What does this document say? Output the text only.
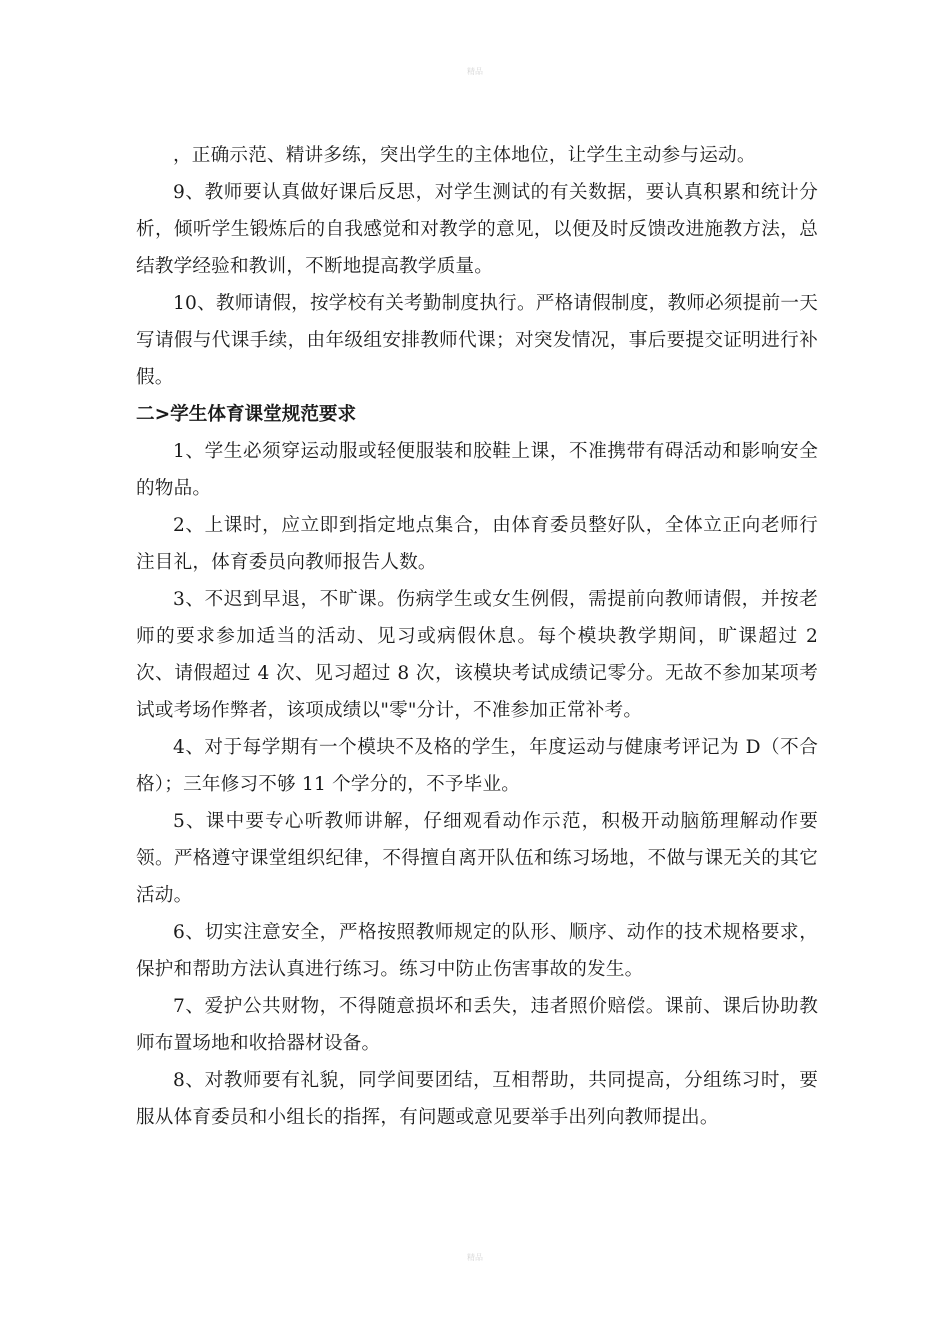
精品

，正确示范、精讲多练，突出学生的主体地位，让学生主动参与运动。

9、教师要认真做好课后反思，对学生测试的有关数据，要认真积累和统计分析，倾听学生锻炼后的自我感觉和对教学的意见，以便及时反馈改进施教方法，总结教学经验和教训，不断地提高教学质量。

10、教师请假，按学校有关考勤制度执行。严格请假制度，教师必须提前一天写请假与代课手续，由年级组安排教师代课；对突发情况，事后要提交证明进行补假。

二>学生体育课堂规范要求

1、学生必须穿运动服或轻便服装和胶鞋上课，不准携带有碍活动和影响安全的物品。

2、上课时，应立即到指定地点集合，由体育委员整好队，全体立正向老师行注目礼，体育委员向教师报告人数。

3、不迟到早退，不旷课。伤病学生或女生例假，需提前向教师请假，并按老师的要求参加适当的活动、见习或病假休息。每个模块教学期间，旷课超过 2 次、请假超过 4 次、见习超过 8 次，该模块考试成绩记零分。无故不参加某项考试或考场作弊者，该项成绩以"零"分计，不准参加正常补考。

4、对于每学期有一个模块不及格的学生，年度运动与健康考评记为 D（不合格）；三年修习不够 11 个学分的，不予毕业。

5、课中要专心听教师讲解，仔细观看动作示范，积极开动脑筋理解动作要领。严格遵守课堂组织纪律，不得擅自离开队伍和练习场地，不做与课无关的其它活动。

6、切实注意安全，严格按照教师规定的队形、顺序、动作的技术规格要求，保护和帮助方法认真进行练习。练习中防止伤害事故的发生。

7、爱护公共财物，不得随意损坏和丢失，违者照价赔偿。课前、课后协助教师布置场地和收拾器材设备。

8、对教师要有礼貌，同学间要团结，互相帮助，共同提高，分组练习时，要服从体育委员和小组长的指挥，有问题或意见要举手出列向教师提出。

精品
